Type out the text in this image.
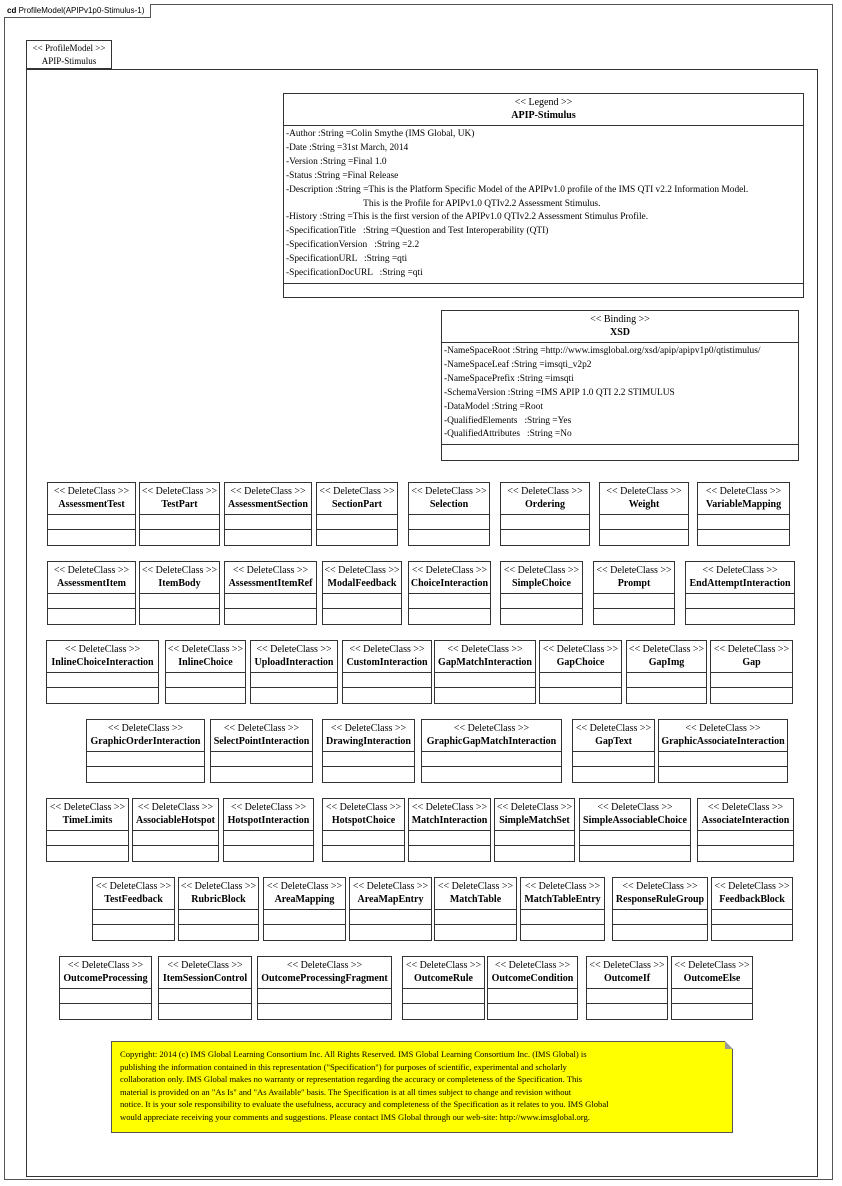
cd ProfileModel(APIPv1p0-Stimulus-1)
<< ProfileModel >>
APIP-Stimulus
<< Legend >>
APIP-Stimulus
-Author :String =Colin Smythe (IMS Global, UK)
-Date :String =31st March, 2014
-Version :String =Final 1.0
-Status :String =Final Release
-Description :String =This is the Platform Specific Model of the APIPv1.0 profile of the IMS QTI v2.2 Information Model.
This is the Profile for APIPv1.0 QTIv2.2 Assessment Stimulus.
-History :String =This is the first version of the APIPv1.0 QTIv2.2 Assessment Stimulus Profile.
-SpecificationTitle   :String =Question and Test Interoperability (QTI)
-SpecificationVersion   :String =2.2
-SpecificationURL   :String =qti
-SpecificationDocURL   :String =qti
<< Binding >>
XSD
-NameSpaceRoot :String =http://www.imsglobal.org/xsd/apip/apipv1p0/qtistimulus/
-NameSpaceLeaf :String =imsqti_v2p2
-NameSpacePrefix :String =imsqti
-SchemaVersion :String =IMS APIP 1.0 QTI 2.2 STIMULUS
-DataModel :String =Root
-QualifiedElements   :String =Yes
-QualifiedAttributes   :String =No
<< DeleteClass >>
AssessmentTest
<< DeleteClass >>
TestPart
<< DeleteClass >>
AssessmentSection
<< DeleteClass >>
SectionPart
<< DeleteClass >>
Selection
<< DeleteClass >>
Ordering
<< DeleteClass >>
Weight
<< DeleteClass >>
VariableMapping
<< DeleteClass >>
AssessmentItem
<< DeleteClass >>
ItemBody
<< DeleteClass >>
AssessmentItemRef
<< DeleteClass >>
ModalFeedback
<< DeleteClass >>
ChoiceInteraction
<< DeleteClass >>
SimpleChoice
<< DeleteClass >>
Prompt
<< DeleteClass >>
EndAttemptInteraction
<< DeleteClass >>
InlineChoiceInteraction
<< DeleteClass >>
InlineChoice
<< DeleteClass >>
UploadInteraction
<< DeleteClass >>
CustomInteraction
<< DeleteClass >>
GapMatchInteraction
<< DeleteClass >>
GapChoice
<< DeleteClass >>
GapImg
<< DeleteClass >>
Gap
<< DeleteClass >>
GraphicOrderInteraction
<< DeleteClass >>
SelectPointInteraction
<< DeleteClass >>
DrawingInteraction
<< DeleteClass >>
GraphicGapMatchInteraction
<< DeleteClass >>
GapText
<< DeleteClass >>
GraphicAssociateInteraction
<< DeleteClass >>
TimeLimits
<< DeleteClass >>
AssociableHotspot
<< DeleteClass >>
HotspotInteraction
<< DeleteClass >>
HotspotChoice
<< DeleteClass >>
MatchInteraction
<< DeleteClass >>
SimpleMatchSet
<< DeleteClass >>
SimpleAssociableChoice
<< DeleteClass >>
AssociateInteraction
<< DeleteClass >>
TestFeedback
<< DeleteClass >>
RubricBlock
<< DeleteClass >>
AreaMapping
<< DeleteClass >>
AreaMapEntry
<< DeleteClass >>
MatchTable
<< DeleteClass >>
MatchTableEntry
<< DeleteClass >>
ResponseRuleGroup
<< DeleteClass >>
FeedbackBlock
<< DeleteClass >>
OutcomeProcessing
<< DeleteClass >>
ItemSessionControl
<< DeleteClass >>
OutcomeProcessingFragment
<< DeleteClass >>
OutcomeRule
<< DeleteClass >>
OutcomeCondition
<< DeleteClass >>
OutcomeIf
<< DeleteClass >>
OutcomeElse
Copyright: 2014 (c) IMS Global Learning Consortium Inc. All Rights Reserved. IMS Global Learning Consortium Inc. (IMS Global) is
publishing the information contained in this representation ("Specification") for purposes of scientific, experimental and scholarly
collaboration only. IMS Global makes no warranty or representation regarding the accuracy or completeness of the Specification. This
material is provided on an "As Is" and "As Available" basis. The Specification is at all times subject to change and revision without
notice. It is your sole responsibility to evaluate the usefulness, accuracy and completeness of the Specification as it relates to you. IMS Global
would appreciate receiving your comments and suggestions. Please contact IMS Global through our web-site: http://www.imsglobal.org.
